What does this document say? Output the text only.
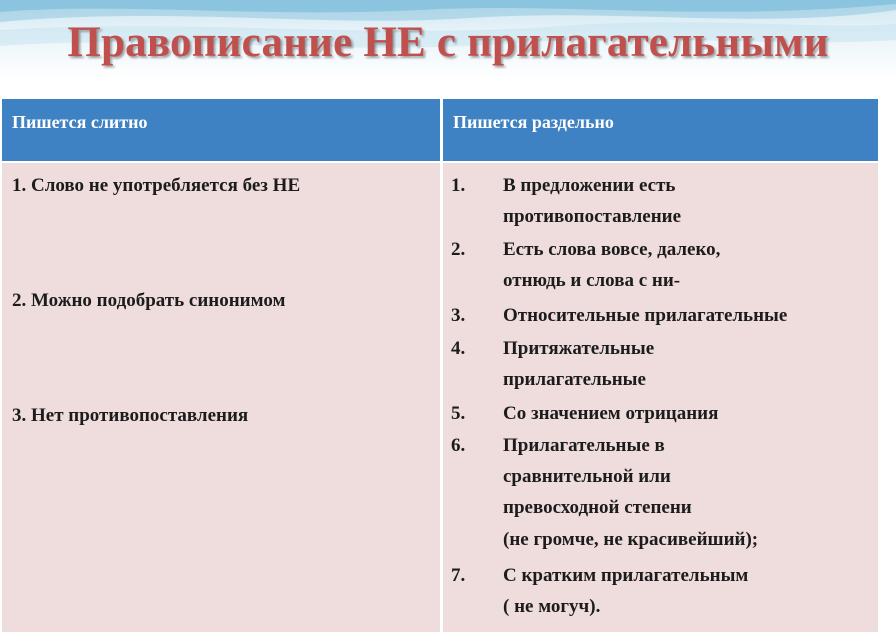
Правописание НЕ с прилагательными
Пишется слитно	Пишется раздельно
1. Слово не употребляется без НЕ
2. Можно подобрать синонимом
3. Нет противопоставления
1. В предложении есть
противопоставление
2. Есть слова вовсе, далеко,
отнюдь и слова с ни-
3. Относительные прилагательные
4. Притяжательные
прилагательные
5. Со значением отрицания
6. Прилагательные в
сравнительной или
превосходной степени
(не громче, не красивейший);
7. С кратким прилагательным
( не могуч).
